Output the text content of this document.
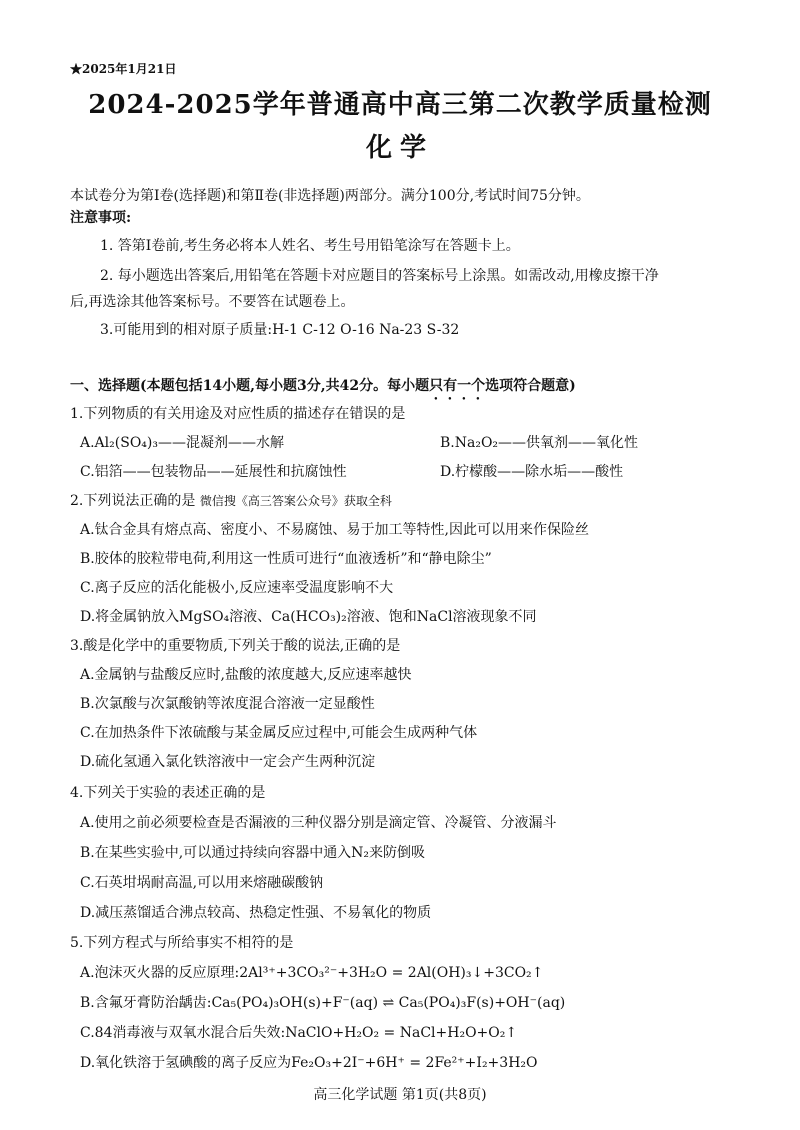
★2025年1月21日
2024-2025学年普通高中高三第二次教学质量检测
化学
本试卷分为第Ⅰ卷(选择题)和第Ⅱ卷(非选择题)两部分。满分100分,考试时间75分钟。
注意事项:
1. 答第Ⅰ卷前,考生务必将本人姓名、考生号用铅笔涂写在答题卡上。
2. 每小题选出答案后,用铅笔在答题卡对应题目的答案标号上涂黑。如需改动,用橡皮擦干净
后,再选涂其他答案标号。不要答在试题卷上。
3.可能用到的相对原子质量:H-1 C-12 O-16 Na-23 S-32
一、选择题(本题包括14小题,每小题3分,共42分。每小题只有一个选项符合题意)
1.下列物质的有关用途及对应性质的描述存在错误的是
A.Al₂(SO₄)₃——混凝剂——水解	B.Na₂O₂——供氧剂——氧化性
C.铝箔——包装物品——延展性和抗腐蚀性	D.柠檬酸——除水垢——酸性
2.下列说法正确的是 微信搜《高三答案公众号》获取全科
A.钛合金具有熔点高、密度小、不易腐蚀、易于加工等特性,因此可以用来作保险丝
B.胶体的胶粒带电荷,利用这一性质可进行“血液透析”和“静电除尘”
C.离子反应的活化能极小,反应速率受温度影响不大
D.将金属钠放入MgSO₄溶液、Ca(HCO₃)₂溶液、饱和NaCl溶液现象不同
3.酸是化学中的重要物质,下列关于酸的说法,正确的是
A.金属钠与盐酸反应时,盐酸的浓度越大,反应速率越快
B.次氯酸与次氯酸钠等浓度混合溶液一定显酸性
C.在加热条件下浓硫酸与某金属反应过程中,可能会生成两种气体
D.硫化氢通入氯化铁溶液中一定会产生两种沉淀
4.下列关于实验的表述正确的是
A.使用之前必须要检查是否漏液的三种仪器分别是滴定管、冷凝管、分液漏斗
B.在某些实验中,可以通过持续向容器中通入N₂来防倒吸
C.石英坩埚耐高温,可以用来熔融碳酸钠
D.减压蒸馏适合沸点较高、热稳定性强、不易氧化的物质
5.下列方程式与所给事实不相符的是
A.泡沫灭火器的反应原理:2Al³⁺+3CO₃²⁻+3H₂O = 2Al(OH)₃↓+3CO₂↑
B.含氟牙膏防治龋齿:Ca₅(PO₄)₃OH(s)+F⁻(aq) ⇌ Ca₅(PO₄)₃F(s)+OH⁻(aq)
C.84消毒液与双氧水混合后失效:NaClO+H₂O₂ = NaCl+H₂O+O₂↑
D.氧化铁溶于氢碘酸的离子反应为Fe₂O₃+2I⁻+6H⁺ = 2Fe²⁺+I₂+3H₂O
高三化学试题 第1页(共8页)
